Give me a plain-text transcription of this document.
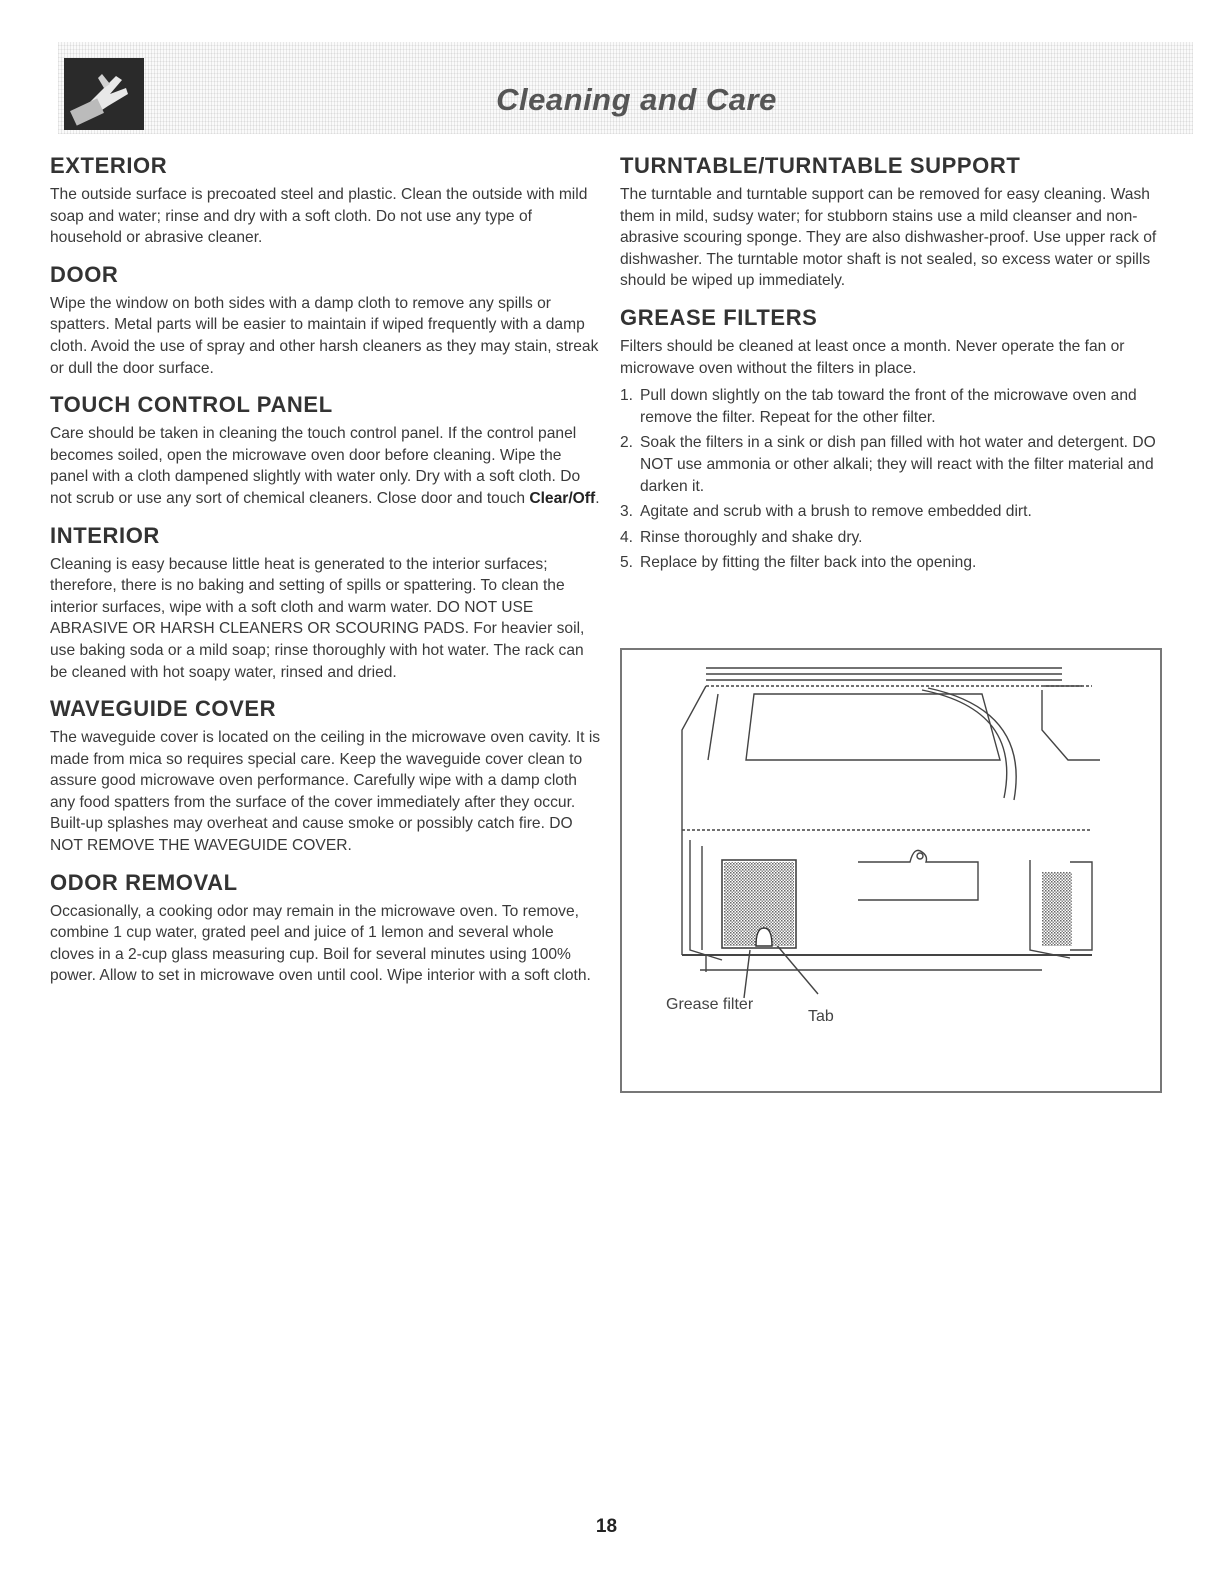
Cleaning and Care
EXTERIOR

The outside surface is precoated steel and plastic. Clean the outside with mild soap and water; rinse and dry with a soft cloth. Do not use any type of household or abrasive cleaner.

DOOR

Wipe the window on both sides with a damp cloth to remove any spills or spatters. Metal parts will be easier to maintain if wiped frequently with a damp cloth. Avoid the use of spray and other harsh cleaners as they may stain, streak or dull the door surface.

TOUCH CONTROL PANEL

Care should be taken in cleaning the touch control panel. If the control panel becomes soiled, open the microwave oven door before cleaning. Wipe the panel with a cloth dampened slightly with water only. Dry with a soft cloth. Do not scrub or use any sort of chemical cleaners. Close door and touch Clear/Off.

INTERIOR

Cleaning is easy because little heat is generated to the interior surfaces; therefore, there is no baking and setting of spills or spattering. To clean the interior surfaces, wipe with a soft cloth and warm water. DO NOT USE ABRASIVE OR HARSH CLEANERS OR SCOURING PADS. For heavier soil, use baking soda or a mild soap; rinse thoroughly with hot water. The rack can be cleaned with hot soapy water, rinsed and dried.

WAVEGUIDE COVER

The waveguide cover is located on the ceiling in the microwave oven cavity. It is made from mica so requires special care. Keep the waveguide cover clean to assure good microwave oven performance. Carefully wipe with a damp cloth any food spatters from the surface of the cover immediately after they occur. Built-up splashes may overheat and cause smoke or possibly catch fire. DO NOT REMOVE THE WAVEGUIDE COVER.

ODOR REMOVAL

Occasionally, a cooking odor may remain in the microwave oven. To remove, combine 1 cup water, grated peel and juice of 1 lemon and several whole cloves in a 2-cup glass measuring cup. Boil for several minutes using 100% power. Allow to set in microwave oven until cool. Wipe interior with a soft cloth.

TURNTABLE/TURNTABLE SUPPORT

The turntable and turntable support can be removed for easy cleaning. Wash them in mild, sudsy water; for stubborn stains use a mild cleanser and non-abrasive scouring sponge. They are also dishwasher-proof. Use upper rack of dishwasher. The turntable motor shaft is not sealed, so excess water or spills should be wiped up immediately.

GREASE FILTERS

Filters should be cleaned at least once a month. Never operate the fan or microwave oven without the filters in place.

1. Pull down slightly on the tab toward the front of the microwave oven and remove the filter. Repeat for the other filter.
2. Soak the filters in a sink or dish pan filled with hot water and detergent. DO NOT use ammonia or other alkali; they will react with the filter material and darken it.
3. Agitate and scrub with a brush to remove embedded dirt.
4. Rinse thoroughly and shake dry.
5. Replace by fitting the filter back into the opening.
Grease filter
Tab
18
